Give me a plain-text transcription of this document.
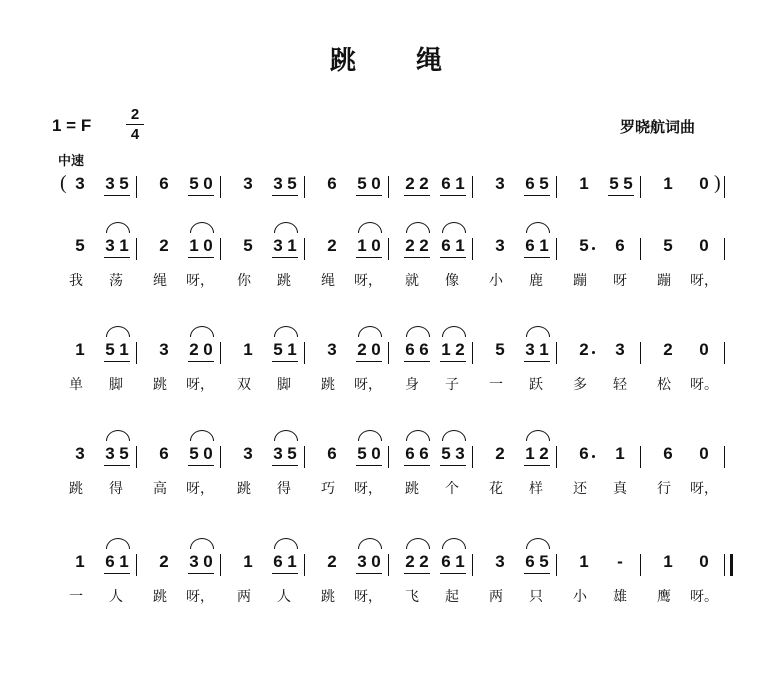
跳绳
1 = F
2
4	罗晓航词曲
中速
( 3 3 5 6 5 0 3 3 5 6 5 0 2 2 6 1 3 6 5 1 5 5 1 0 )
5 3 1 2 1 0 5 3 1 2 1 0 2 2 6 1 3 6 1 5 6 5 0
我 荡 绳 呀， 你 跳 绳 呀， 就 像 小 鹿 蹦 呀 蹦 呀，
1 5 1 3 2 0 1 5 1 3 2 0 6 6 1 2 5 3 1 2 3 2 0
单 脚 跳 呀， 双 脚 跳 呀， 身 子 一 跃 多 轻 松 呀。
3 3 5 6 5 0 3 3 5 6 5 0 6 6 5 3 2 1 2 6 1 6 0
跳 得 高 呀， 跳 得 巧 呀， 跳 个 花 样 还 真 行 呀，
1 6 1 2 3 0 1 6 1 2 3 0 2 2 6 1 3 6 5 1 - 1 0
一 人 跳 呀， 两 人 跳 呀， 飞 起 两 只 小 雄 鹰 呀。
